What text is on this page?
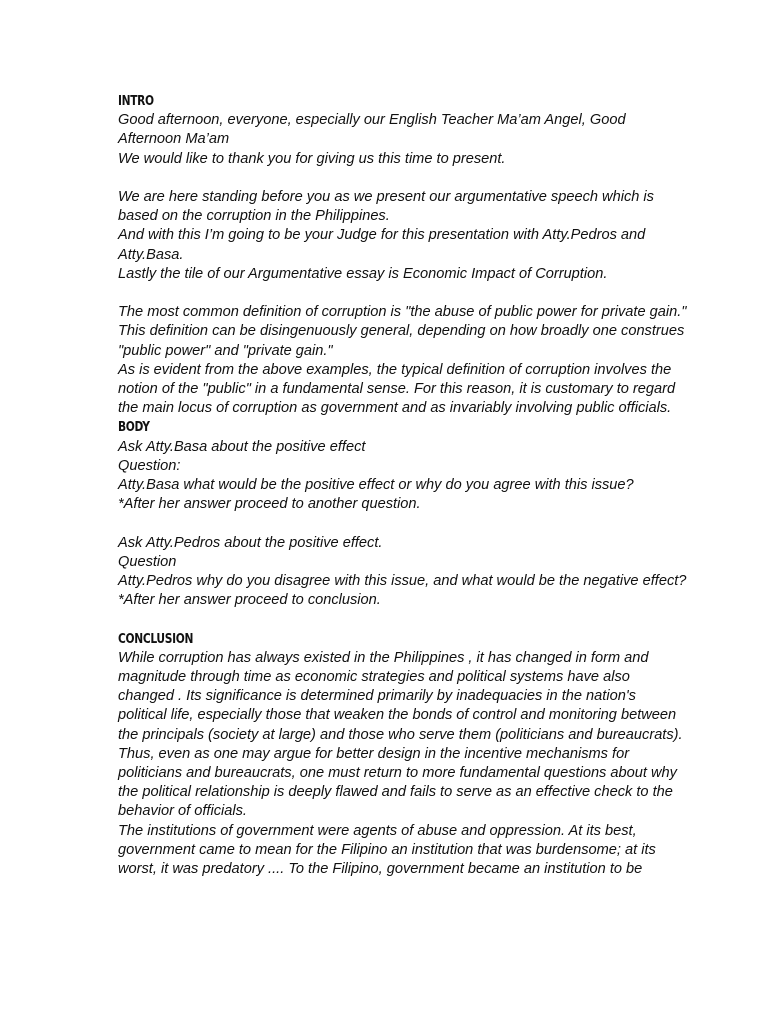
INTRO
Good afternoon, everyone, especially our English Teacher Ma’am Angel, Good Afternoon Ma’am
We would like to thank you for giving us this time to present.
We are here standing before you as we present our argumentative speech which is based on the corruption in the Philippines.
And with this I’m going to be your Judge for this presentation with Atty.Pedros and Atty.Basa.
Lastly the tile of our Argumentative essay is Economic Impact of Corruption.
The most common definition of corruption is "the abuse of public power for private gain." This definition can be disingenuously general, depending on how broadly one construes "public power" and "private gain."
As is evident from the above examples, the typical definition of corruption involves the notion of the "public" in a fundamental sense. For this reason, it is customary to regard the main locus of corruption as government and as invariably involving public officials.
BODY
Ask Atty.Basa about the positive effect
Question:
Atty.Basa what would be the positive effect or why do you agree with this issue?
*After her answer proceed to another question.
Ask Atty.Pedros about the positive effect.
Question
Atty.Pedros why do you disagree with this issue, and what would be the negative effect?
*After her answer proceed to conclusion.
CONCLUSION
While corruption has always existed in the Philippines , it has changed in form and magnitude through time as economic strategies and political systems have also changed . Its significance is determined primarily by inadequacies in the nation's political life, especially those that weaken the bonds of control and monitoring between the principals (society at large) and those who serve them (politicians and bureaucrats). Thus, even as one may argue for better design in the incentive mechanisms for politicians and bureaucrats, one must return to more fundamental questions about why the political relationship is deeply flawed and fails to serve as an effective check to the behavior of officials.
The institutions of government were agents of abuse and oppression. At its best, government came to mean for the Filipino an institution that was burdensome; at its worst, it was predatory .... To the Filipino, government became an institution to be
